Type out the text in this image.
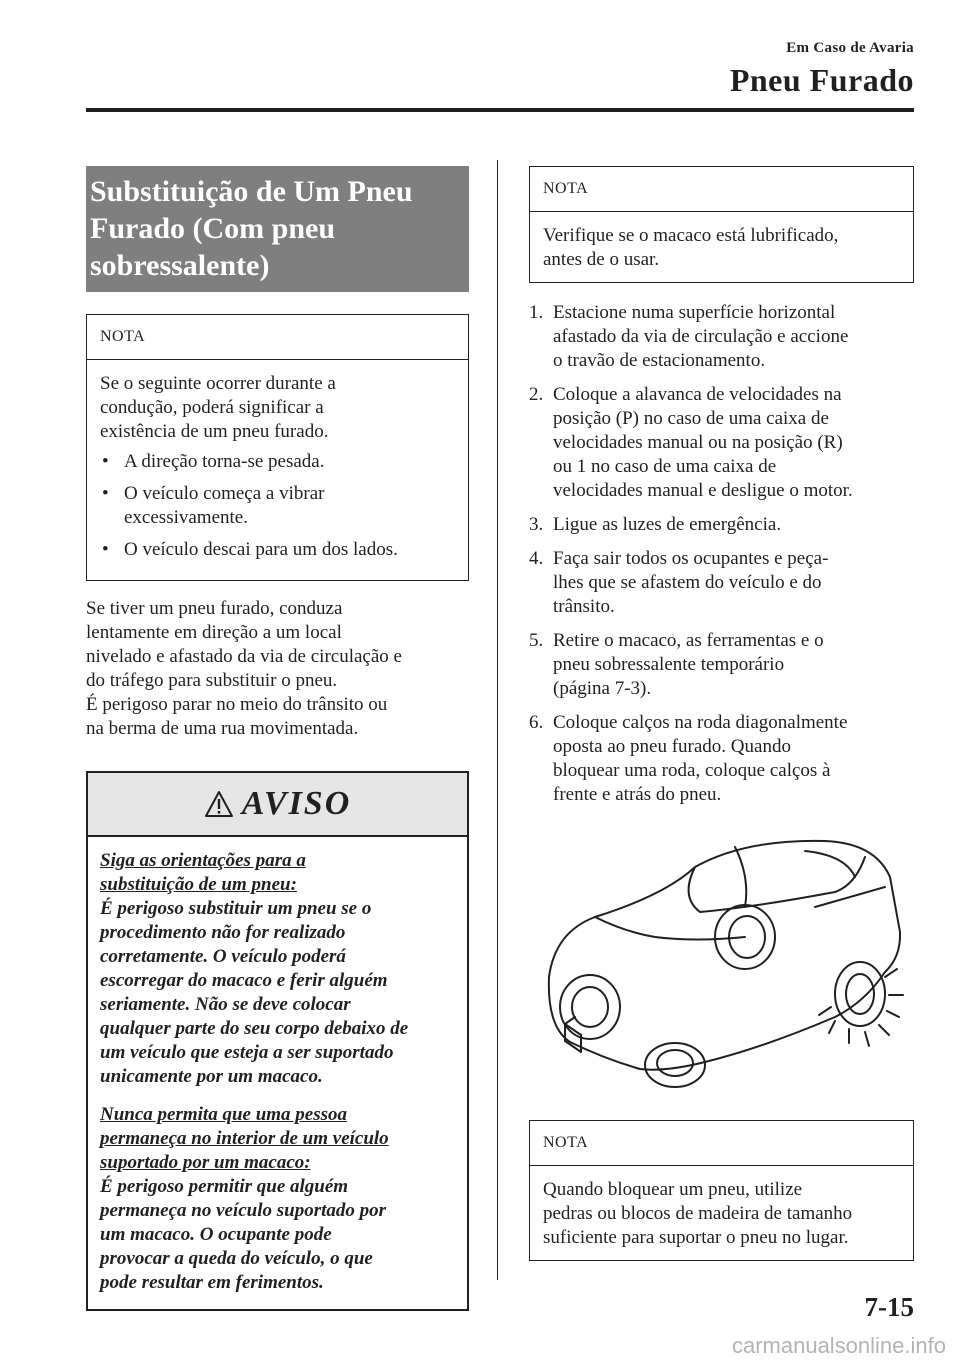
Em Caso de Avaria
Pneu Furado
Substituição de Um Pneu
Furado (Com pneu
sobressalente)
NOTA

Se o seguinte ocorrer durante a
condução, poderá significar a
existência de um pneu furado.

• A direção torna-se pesada.
• O veículo começa a vibrar
excessivamente.
• O veículo descai para um dos lados.

Se tiver um pneu furado, conduza

lentamente em direção a um local

nivelado e afastado da via de circulação e

do tráfego para substituir o pneu.

É perigoso parar no meio do trânsito ou

na berma de uma rua movimentada.

AVISO
Siga as orientações para a
substituição de um pneu:
É perigoso substituir um pneu se o
procedimento não for realizado
corretamente. O veículo poderá
escorregar do macaco e ferir alguém
seriamente. Não se deve colocar
qualquer parte do seu corpo debaixo de
um veículo que esteja a ser suportado
unicamente por um macaco.
Nunca permita que uma pessoa
permaneça no interior de um veículo
suportado por um macaco:
É perigoso permitir que alguém
permaneça no veículo suportado por
um macaco. O ocupante pode
provocar a queda do veículo, o que
pode resultar em ferimentos.
NOTA
Verifique se o macaco está lubrificado,
antes de o usar.
1. Estacione numa superfície horizontal
afastado da via de circulação e accione
o travão de estacionamento.
2. Coloque a alavanca de velocidades na
posição (P) no caso de uma caixa de
velocidades manual ou na posição (R)
ou 1 no caso de uma caixa de
velocidades manual e desligue o motor.
3. Ligue as luzes de emergência.
4. Faça sair todos os ocupantes e peça-
lhes que se afastem do veículo e do
trânsito.
5. Retire o macaco, as ferramentas e o
pneu sobressalente temporário
(página 7-3).
6. Coloque calços na roda diagonalmente
oposta ao pneu furado. Quando
bloquear uma roda, coloque calços à
frente e atrás do pneu.
NOTA
Quando bloquear um pneu, utilize
pedras ou blocos de madeira de tamanho
suficiente para suportar o pneu no lugar.
7-15
carmanualsonline.info
